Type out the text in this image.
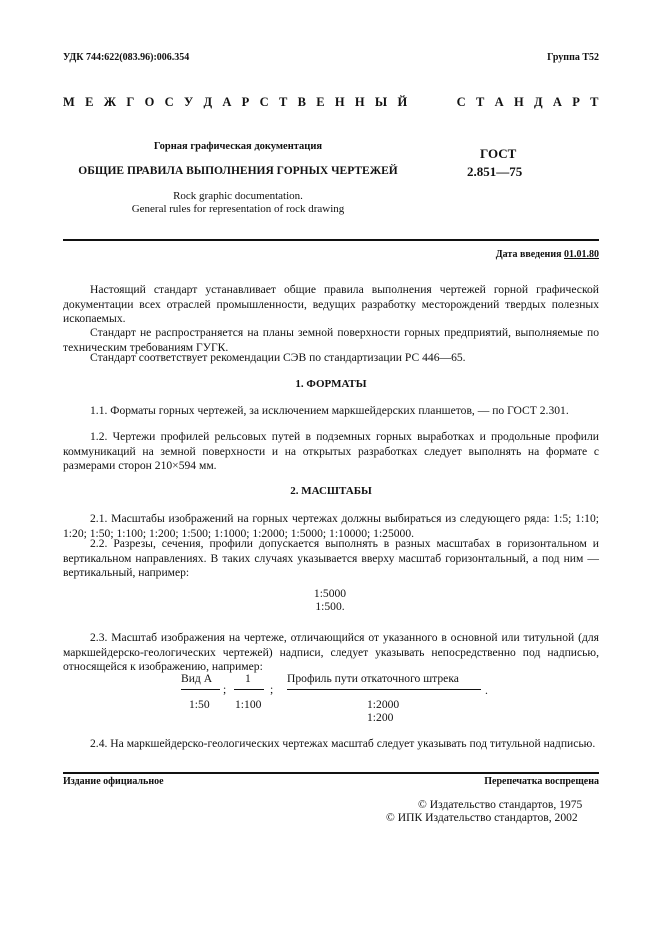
УДК 744:622(083.96):006.354	Группа Т52
М Е Ж Г О С У Д А Р С Т В Е Н Н Ы Й     С Т А Н Д А Р Т
Горная графическая документация
ОБЩИЕ ПРАВИЛА ВЫПОЛНЕНИЯ ГОРНЫХ ЧЕРТЕЖЕЙ
ГОСТ
2.851—75
Rock graphic documentation.
General rules for representation of rock drawing
Дата введения 01.01.80
Настоящий стандарт устанавливает общие правила выполнения чертежей горной графической документации всех отраслей промышленности, ведущих разработку месторождений твердых полезных ископаемых.
Стандарт не распространяется на планы земной поверхности горных предприятий, выполняемые по техническим требованиям ГУГК.
Стандарт соответствует рекомендации СЭВ по стандартизации РС 446—65.
1. ФОРМАТЫ
1.1. Форматы горных чертежей, за исключением маркшейдерских планшетов, — по ГОСТ 2.301.
1.2. Чертежи профилей рельсовых путей в подземных горных выработках и продольные профили коммуникаций на земной поверхности и на открытых разработках следует выполнять на формате с размерами сторон 210×594 мм.
2. МАСШТАБЫ
2.1. Масштабы изображений на горных чертежах должны выбираться из следующего ряда: 1:5; 1:10; 1:20; 1:50; 1:100; 1:200; 1:500; 1:1000; 1:2000; 1:5000; 1:10000; 1:25000.
2.2. Разрезы, сечения, профили допускается выполнять в разных масштабах в горизонтальном и вертикальном направлениях. В таких случаях указывается вверху масштаб горизонтальный, а под ним — вертикальный, например:
1:5000
1:500.
2.3. Масштаб изображения на чертеже, отличающийся от указанного в основной или титульной (для маркшейдерско-геологических чертежей) надписи, следует указывать непосредственно под надписью, относящейся к изображению, например:
Вид А
1:50
;
1
1:100
;
Профиль пути откаточного штрека
1:2000
1:200
.
2.4. На маркшейдерско-геологических чертежах масштаб следует указывать под титульной надписью.
Издание официальное	Перепечатка воспрещена
© Издательство стандартов, 1975
© ИПК Издательство стандартов, 2002
